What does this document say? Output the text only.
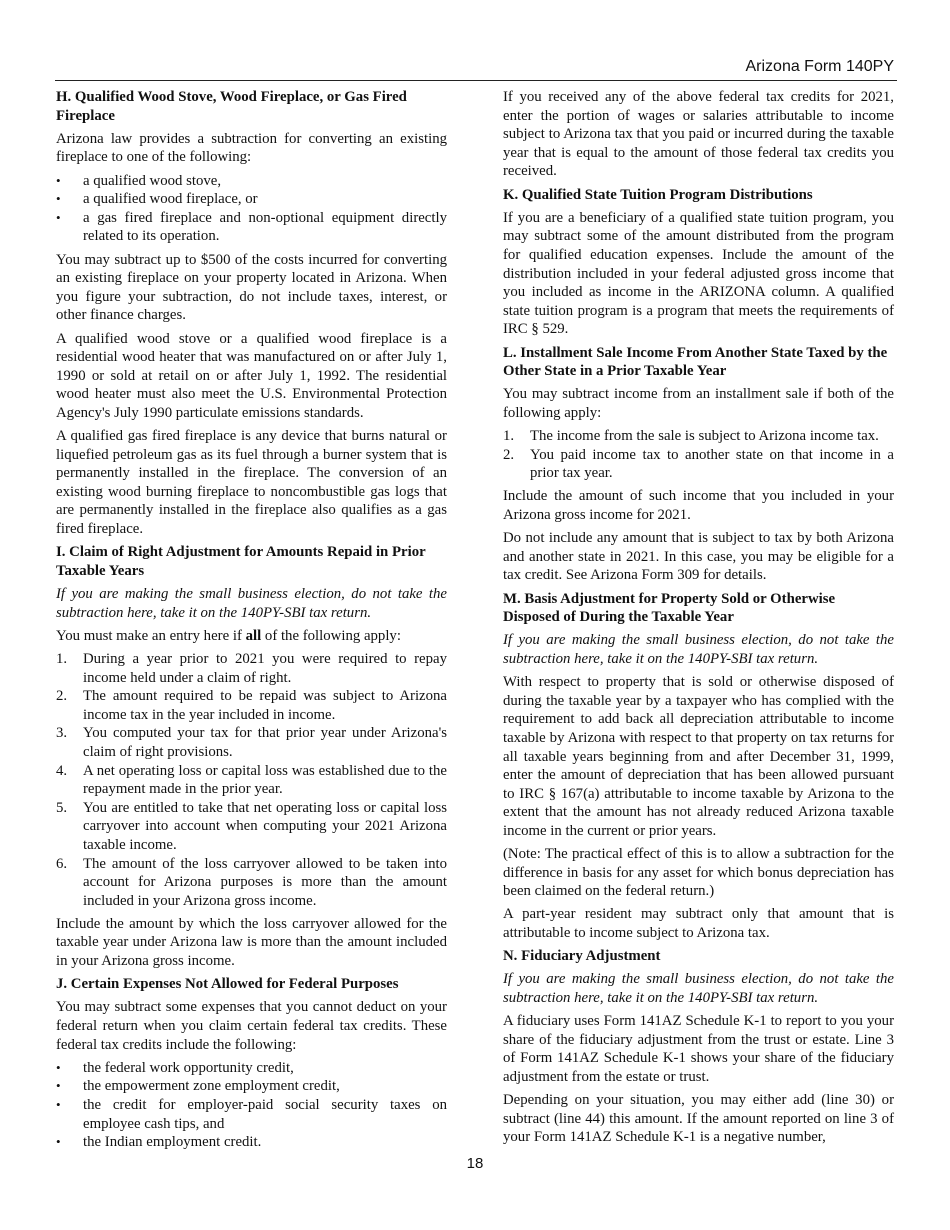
Arizona Form 140PY
H. Qualified Wood Stove, Wood Fireplace, or Gas Fired Fireplace

Arizona law provides a subtraction for converting an existing fireplace to one of the following:

• a qualified wood stove,
• a qualified wood fireplace, or
• a gas fired fireplace and non-optional equipment directly related to its operation.

You may subtract up to $500 of the costs incurred for converting an existing fireplace on your property located in Arizona. When you figure your subtraction, do not include taxes, interest, or other finance charges.

A qualified wood stove or a qualified wood fireplace is a residential wood heater that was manufactured on or after July 1, 1990 or sold at retail on or after July 1, 1992. The residential wood heater must also meet the U.S. Environmental Protection Agency's July 1990 particulate emissions standards.

A qualified gas fired fireplace is any device that burns natural or liquefied petroleum gas as its fuel through a burner system that is permanently installed in the fireplace. The conversion of an existing wood burning fireplace to noncombustible gas logs that are permanently installed in the fireplace also qualifies as a gas fired fireplace.

I. Claim of Right Adjustment for Amounts Repaid in Prior Taxable Years

If you are making the small business election, do not take the subtraction here, take it on the 140PY-SBI tax return.

You must make an entry here if all of the following apply:

1. During a year prior to 2021 you were required to repay income held under a claim of right.
2. The amount required to be repaid was subject to Arizona income tax in the year included in income.
3. You computed your tax for that prior year under Arizona's claim of right provisions.
4. A net operating loss or capital loss was established due to the repayment made in the prior year.
5. You are entitled to take that net operating loss or capital loss carryover into account when computing your 2021 Arizona taxable income.
6. The amount of the loss carryover allowed to be taken into account for Arizona purposes is more than the amount included in your Arizona gross income.

Include the amount by which the loss carryover allowed for the taxable year under Arizona law is more than the amount included in your Arizona gross income.

J. Certain Expenses Not Allowed for Federal Purposes

You may subtract some expenses that you cannot deduct on your federal return when you claim certain federal tax credits. These federal tax credits include the following:

• the federal work opportunity credit,
• the empowerment zone employment credit,
• the credit for employer-paid social security taxes on employee cash tips, and
• the Indian employment credit.

If you received any of the above federal tax credits for 2021, enter the portion of wages or salaries attributable to income subject to Arizona tax that you paid or incurred during the taxable year that is equal to the amount of those federal tax credits you received.

K. Qualified State Tuition Program Distributions

If you are a beneficiary of a qualified state tuition program, you may subtract some of the amount distributed from the program for qualified education expenses. Include the amount of the distribution included in your federal adjusted gross income that you included as income in the ARIZONA column. A qualified state tuition program is a program that meets the requirements of IRC § 529.

L. Installment Sale Income From Another State Taxed by the Other State in a Prior Taxable Year

You may subtract income from an installment sale if both of the following apply:

1. The income from the sale is subject to Arizona income tax.
2. You paid income tax to another state on that income in a prior tax year.

Include the amount of such income that you included in your Arizona gross income for 2021.

Do not include any amount that is subject to tax by both Arizona and another state in 2021. In this case, you may be eligible for a tax credit. See Arizona Form 309 for details.

M. Basis Adjustment for Property Sold or Otherwise Disposed of During the Taxable Year

If you are making the small business election, do not take the subtraction here, take it on the 140PY-SBI tax return.

With respect to property that is sold or otherwise disposed of during the taxable year by a taxpayer who has complied with the requirement to add back all depreciation attributable to income taxable by Arizona with respect to that property on tax returns for all taxable years beginning from and after December 31, 1999, enter the amount of depreciation that has been allowed pursuant to IRC § 167(a) attributable to income taxable by Arizona to the extent that the amount has not already reduced Arizona taxable income in the current or prior years.

(Note: The practical effect of this is to allow a subtraction for the difference in basis for any asset for which bonus depreciation has been claimed on the federal return.)

A part-year resident may subtract only that amount that is attributable to income subject to Arizona tax.

N. Fiduciary Adjustment

If you are making the small business election, do not take the subtraction here, take it on the 140PY-SBI tax return.

A fiduciary uses Form 141AZ Schedule K-1 to report to you your share of the fiduciary adjustment from the trust or estate. Line 3 of Form 141AZ Schedule K-1 shows your share of the fiduciary adjustment from the estate or trust.

Depending on your situation, you may either add (line 30) or subtract (line 44) this amount. If the amount reported on line 3 of your Form 141AZ Schedule K-1 is a negative number,

18
